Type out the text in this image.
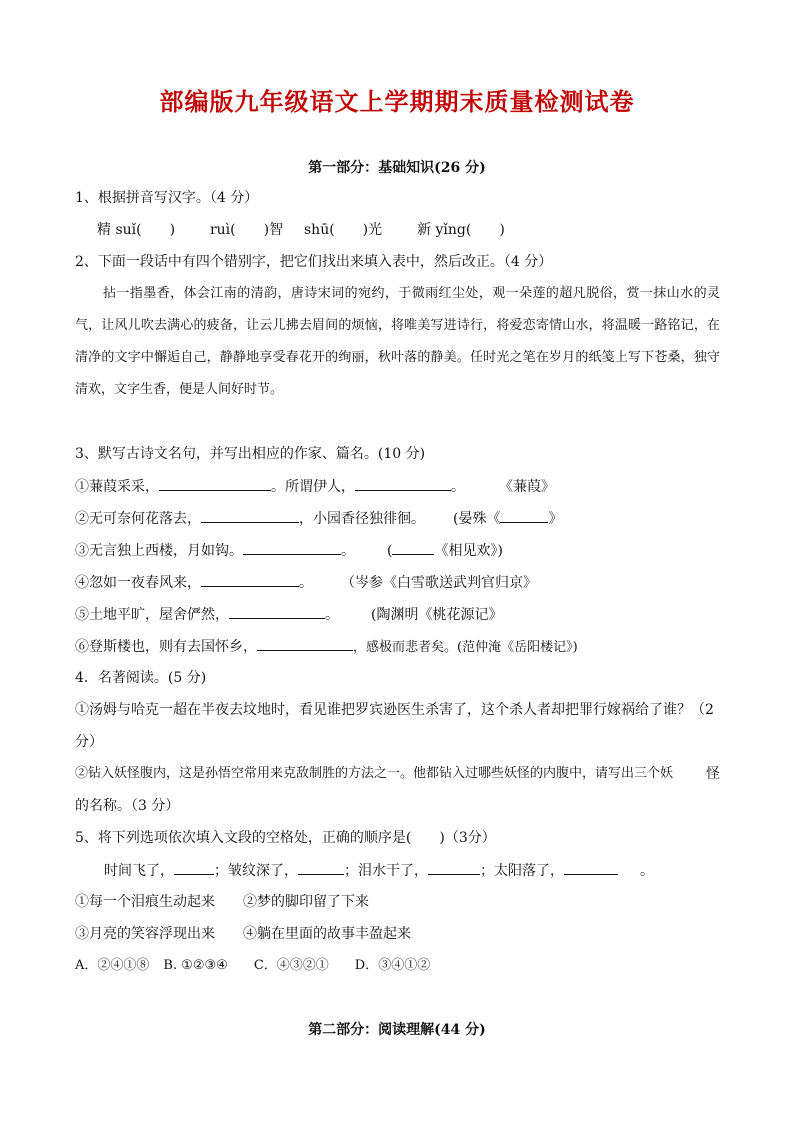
部编版九年级语文上学期期末质量检测试卷
第一部分：基础知识(26 分)
1、根据拼音写汉字。（4 分）
精 suǐ(　　) ruì(　　)智 shū(　　)光 新 yǐng(　　)
2、下面一段话中有四个错别字，把它们找出来填入表中，然后改正。（4 分）
拈一指墨香，体会江南的清韵，唐诗宋词的宛约，于微雨红尘处，观一朵莲的超凡脱俗，赏一抹山水的灵气，让风儿吹去满心的疲备，让云儿拂去眉间的烦恼，将唯美写进诗行，将爱恋寄情山水，将温暖一路铭记，在清净的文字中懈逅自己，静静地享受春花开的绚丽，秋叶落的静美。任时光之笔在岁月的纸笺上写下苍桑，独守清欢，文字生香，便是人间好时节。
3、默写古诗文名句，并写出相应的作家、篇名。(10 分)
①蒹葭采采，	。所谓伊人，	。 《蒹葭》
②无可奈何花落去，	，小园香径独徘徊。 (晏殊《	》
③无言独上西楼，月如钩。	。 (	《相见欢》)
④忽如一夜春风来，	。 （岑参《白雪歌送武判官归京》
⑤土地平旷，屋舍俨然，	。 (陶渊明《桃花源记》
⑥登斯楼也，则有去国怀乡，	，感极而悲者矣。(范仲淹《岳阳楼记》)
4．名著阅读。(5 分)
①汤姆与哈克一超在半夜去坟地时，看见谁把罗宾逊医生杀害了，这个杀人者却把罪行嫁祸给了谁？（2
分）
②钻入妖怪腹内，这是孙悟空常用来克敌制胜的方法之一。他都钻入过哪些妖怪的内腹中，请写出三个妖 怪
的名称。（3 分）
5、将下列选项依次填入文段的空格处，正确的顺序是(　　)（3分）
时间飞了，	；皱纹深了，	；泪水干了，	；太阳落了，	。
①每一个泪痕生动起来 ②梦的脚印留了下来
③月亮的笑容浮现出来 ④躺在里面的故事丰盈起来
A．②④①⑧ B. ①②③④ C．④③②① D．③④①②
第二部分：阅读理解(44 分)
